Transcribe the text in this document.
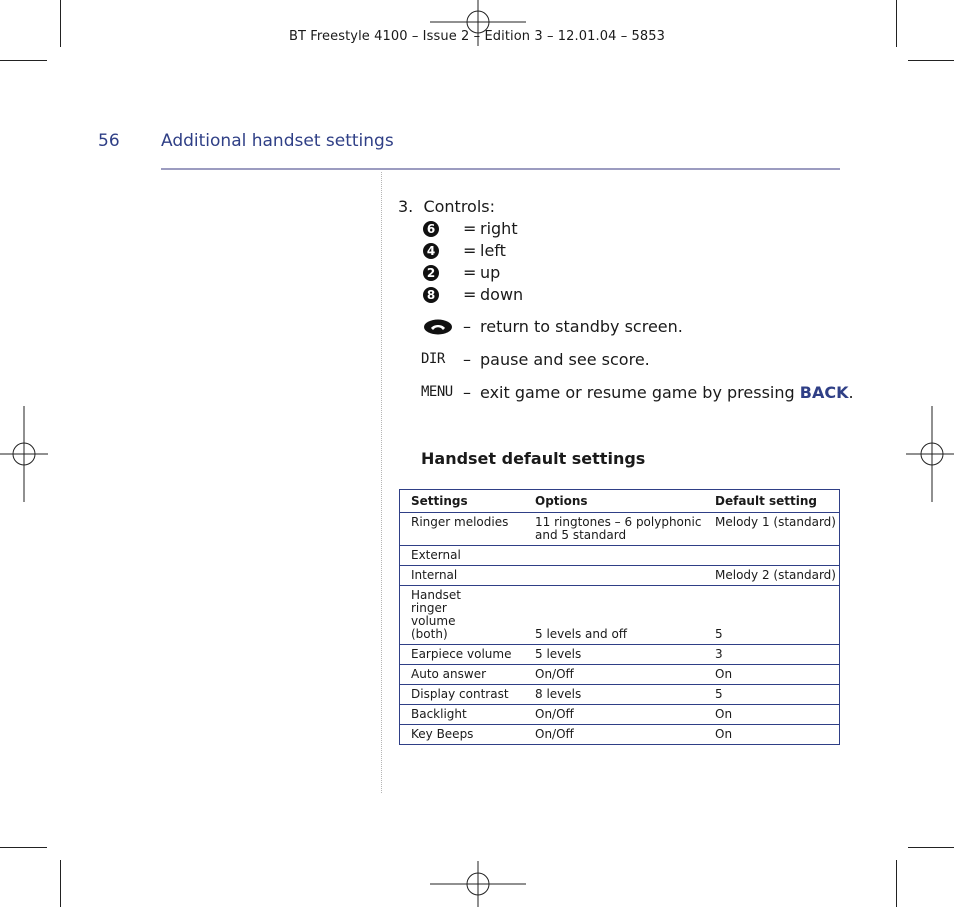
BT Freestyle 4100 – Issue 2 – Edition 3 – 12.01.04 – 5853
56 Additional handset settings
3.  Controls:
6 = right
4 = left
2 = up
8 = down
– return to standby screen.
DIR – pause and see score.
MENU – exit game or resume game by pressing BACK.
Handset default settings
Settings	Options	Default setting
Ringer melodies	11 ringtones – 6 polyphonic and 5 standard	Melody 1 (standard)
External		
Internal		Melody 2 (standard)
Handset ringer volume (both)	5 levels and off	5
Earpiece volume	5 levels	3
Auto answer	On/Off	On
Display contrast	8 levels	5
Backlight	On/Off	On
Key Beeps	On/Off	On
